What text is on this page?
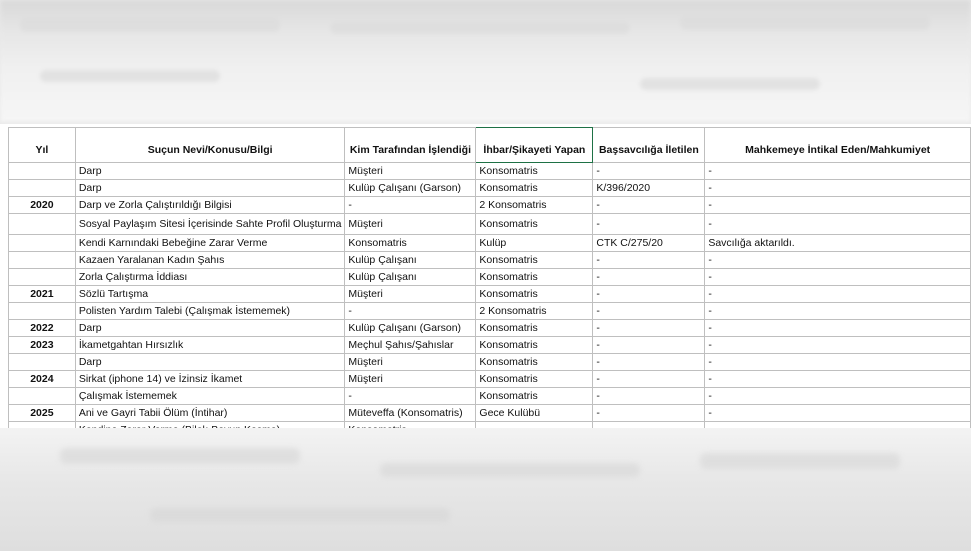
Yıl	Suçun Nevi/Konusu/Bilgi	Kim Tarafından İşlendiği	İhbar/Şikayeti Yapan	Başsavcılığa İletilen	Mahkemeye İntikal Eden/Mahkumiyet
	Darp	Müşteri	Konsomatris	-	-
	Darp	Kulüp Çalışanı (Garson)	Konsomatris	K/396/2020	-
2020	Darp ve Zorla Çalıştırıldığı Bilgisi	-	2 Konsomatris	-	-
	Sosyal Paylaşım Sitesi İçerisinde Sahte Profil Oluşturma	Müşteri	Konsomatris	-	-
	Kendi Karnındaki Bebeğine Zarar Verme	Konsomatris	Kulüp	CTK C/275/20	Savcılığa aktarıldı.
	Kazaen Yaralanan Kadın Şahıs	Kulüp Çalışanı	Konsomatris	-	-
	Zorla Çalıştırma İddiası	Kulüp Çalışanı	Konsomatris	-	-
2021	Sözlü Tartışma	Müşteri	Konsomatris	-	-
	Polisten Yardım Talebi (Çalışmak İstememek)	-	2 Konsomatris	-	-
2022	Darp	Kulüp Çalışanı (Garson)	Konsomatris	-	-
2023	İkametgahtan Hırsızlık	Meçhul Şahıs/Şahıslar	Konsomatris	-	-
	Darp	Müşteri	Konsomatris	-	-
2024	Sirkat (iphone 14) ve İzinsiz İkamet	Müşteri	Konsomatris	-	-
	Çalışmak İstememek	-	Konsomatris	-	-
2025	Ani ve Gayri Tabii Ölüm (İntihar)	Müteveffa (Konsomatris)	Gece Kulübü	-	-
